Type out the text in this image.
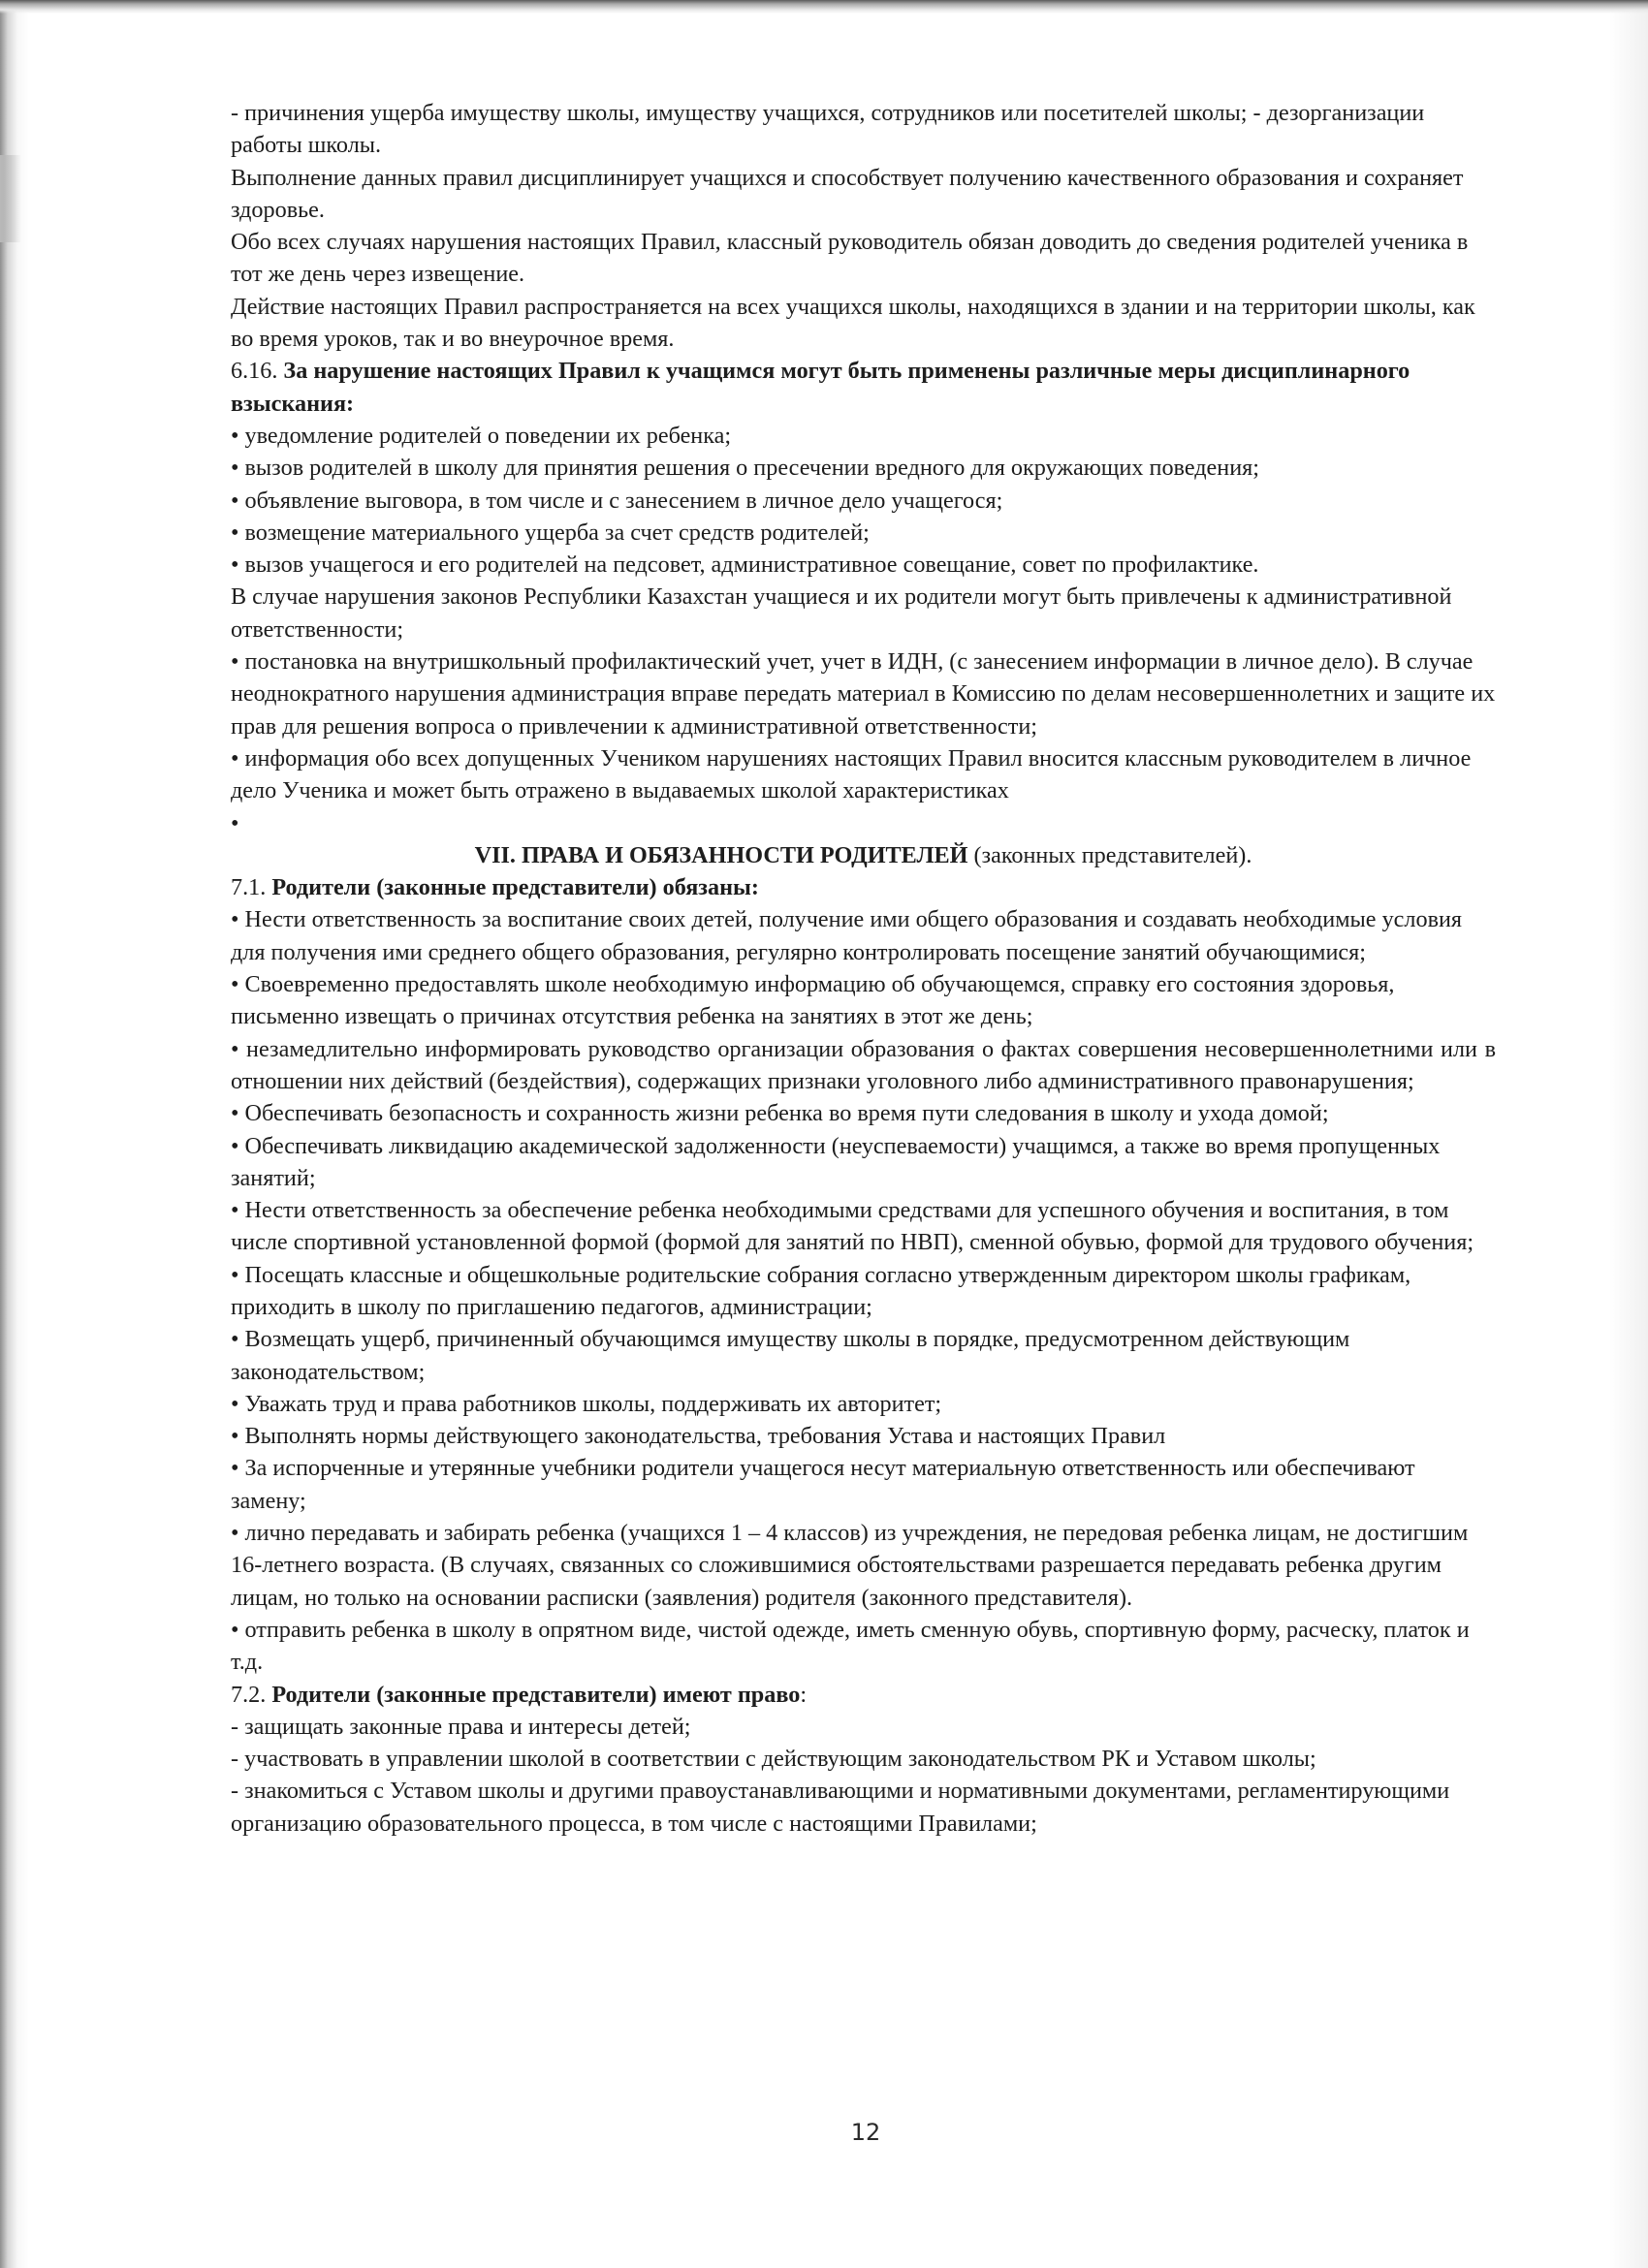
- причинения ущерба имуществу школы, имуществу учащихся, сотрудников или посетителей школы; - дезорганизации работы школы.

Выполнение данных правил дисциплинирует учащихся и способствует получению качественного образования и сохраняет здоровье.

Обо всех случаях нарушения настоящих Правил, классный руководитель обязан доводить до сведения родителей ученика в тот же день через извещение.

Действие настоящих Правил распространяется на всех учащихся школы, находящихся в здании и на территории школы, как во время уроков, так и во внеурочное время.

6.16. За нарушение настоящих Правил к учащимся могут быть применены различные меры дисциплинарного взыскания:

• уведомление родителей о поведении их ребенка;

• вызов родителей в школу для принятия решения о пресечении вредного для окружающих поведения;

• объявление выговора, в том числе и с занесением в личное дело учащегося;

• возмещение материального ущерба за счет средств родителей;

• вызов учащегося и его родителей на педсовет, административное совещание, совет по профилактике.

В случае нарушения законов Республики Казахстан учащиеся и их родители могут быть привлечены к административной ответственности;

• постановка на внутришкольный профилактический учет, учет в ИДН, (с занесением информации в личное дело). В случае неоднократного нарушения администрация вправе передать материал в Комиссию по делам несовершеннолетних и защите их прав для решения вопроса о привлечении к административной ответственности;

• информация обо всех допущенных Учеником нарушениях настоящих Правил вносится классным руководителем в личное дело Ученика и может быть отражено в выдаваемых школой характеристиках

•

VII. ПРАВА И ОБЯЗАННОСТИ РОДИТЕЛЕЙ (законных представителей).

7.1. Родители (законные представители) обязаны:

• Нести ответственность за воспитание своих детей, получение ими общего образования и создавать необходимые условия для получения ими среднего общего образования, регулярно контролировать посещение занятий обучающимися;

• Своевременно предоставлять школе необходимую информацию об обучающемся, справку его состояния здоровья, письменно извещать о причинах отсутствия ребенка на занятиях в этот же день;

• незамедлительно информировать руководство организации образования о фактах совершения несовершеннолетними или в отношении них действий (бездействия), содержащих признаки уголовного либо административного правонарушения;

• Обеспечивать безопасность и сохранность жизни ребенка во время пути следования в школу и ухода домой;

• Обеспечивать ликвидацию академической задолженности (неуспеваемости) учащимся, а также во время пропущенных занятий;

• Нести ответственность за обеспечение ребенка необходимыми средствами для успешного обучения и воспитания, в том числе спортивной установленной формой (формой для занятий по НВП), сменной обувью, формой для трудового обучения;

• Посещать классные и общешкольные родительские собрания согласно утвержденным директором школы графикам, приходить в школу по приглашению педагогов, администрации;

• Возмещать ущерб, причиненный обучающимся имуществу школы в порядке, предусмотренном действующим законодательством;

• Уважать труд и права работников школы, поддерживать их авторитет;

• Выполнять нормы действующего законодательства, требования Устава и настоящих Правил

• За испорченные и утерянные учебники родители учащегося несут материальную ответственность или обеспечивают замену;

• лично передавать и забирать ребенка (учащихся 1 – 4 классов) из учреждения, не передовая ребенка лицам, не достигшим 16-летнего возраста. (В случаях, связанных со сложившимися обстоятельствами разрешается передавать ребенка другим лицам, но только на основании расписки (заявления) родителя (законного представителя).

• отправить ребенка в школу в опрятном виде, чистой одежде, иметь сменную обувь, спортивную форму, расческу, платок и т.д.

7.2. Родители (законные представители) имеют право:

- защищать законные права и интересы детей;

- участвовать в управлении школой в соответствии с действующим законодательством РК и Уставом школы;

- знакомиться с Уставом школы и другими правоустанавливающими и нормативными документами, регламентирующими организацию образовательного процесса, в том числе с настоящими Правилами;

12
